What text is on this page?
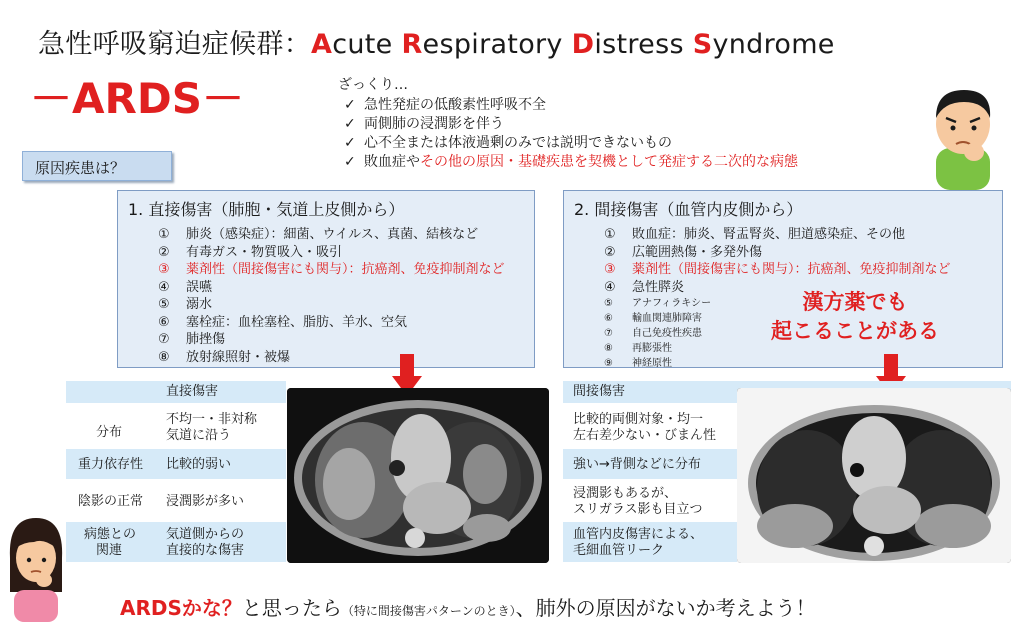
急性呼吸窮迫症候群：Acute Respiratory Distress Syndrome
－ARDS－	ざっくり…
✓ 急性発症の低酸素性呼吸不全
✓ 両側肺の浸潤影を伴う
✓ 心不全または体液過剰のみでは説明できないもの
✓ 敗血症やその他の原因・基礎疾患を契機として発症する二次的な病態
原因疾患は？
1. 直接傷害（肺胞・気道上皮側から）
① 肺炎（感染症）：細菌、ウイルス、真菌、結核など
② 有毒ガス・物質吸入・吸引
③ 薬剤性（間接傷害にも関与）：抗癌剤、免疫抑制剤など
④ 誤嚥
⑤ 溺水
⑥ 塞栓症：血栓塞栓、脂肪、羊水、空気
⑦ 肺挫傷
⑧ 放射線照射・被爆
2. 間接傷害（血管内皮側から）
① 敗血症：肺炎、腎盂腎炎、胆道感染症、その他
② 広範囲熱傷・多発外傷
③ 薬剤性（間接傷害にも関与）：抗癌剤、免疫抑制剤など
④ 急性膵炎
⑤ アナフィラキシー
⑥ 輸血関連肺障害
⑦ 自己免疫性疾患
⑧ 再膨張性
⑨ 神経原性
漢方薬でも
起こることがある
直接傷害	間接傷害
分布
重力依存性
陰影の正常
病態との
関連
不均一・非対称
気道に沿う
比較的弱い
浸潤影が多い
気道側からの
直接的な傷害
比較的両側対象・均一
左右差少ない・びまん性
強い→背側などに分布
浸潤影もあるが、
スリガラス影も目立つ
血管内皮傷害による、
毛細血管リーク
ARDSかな？と思ったら（特に間接傷害パターンのとき）、肺外の原因がないか考えよう！
